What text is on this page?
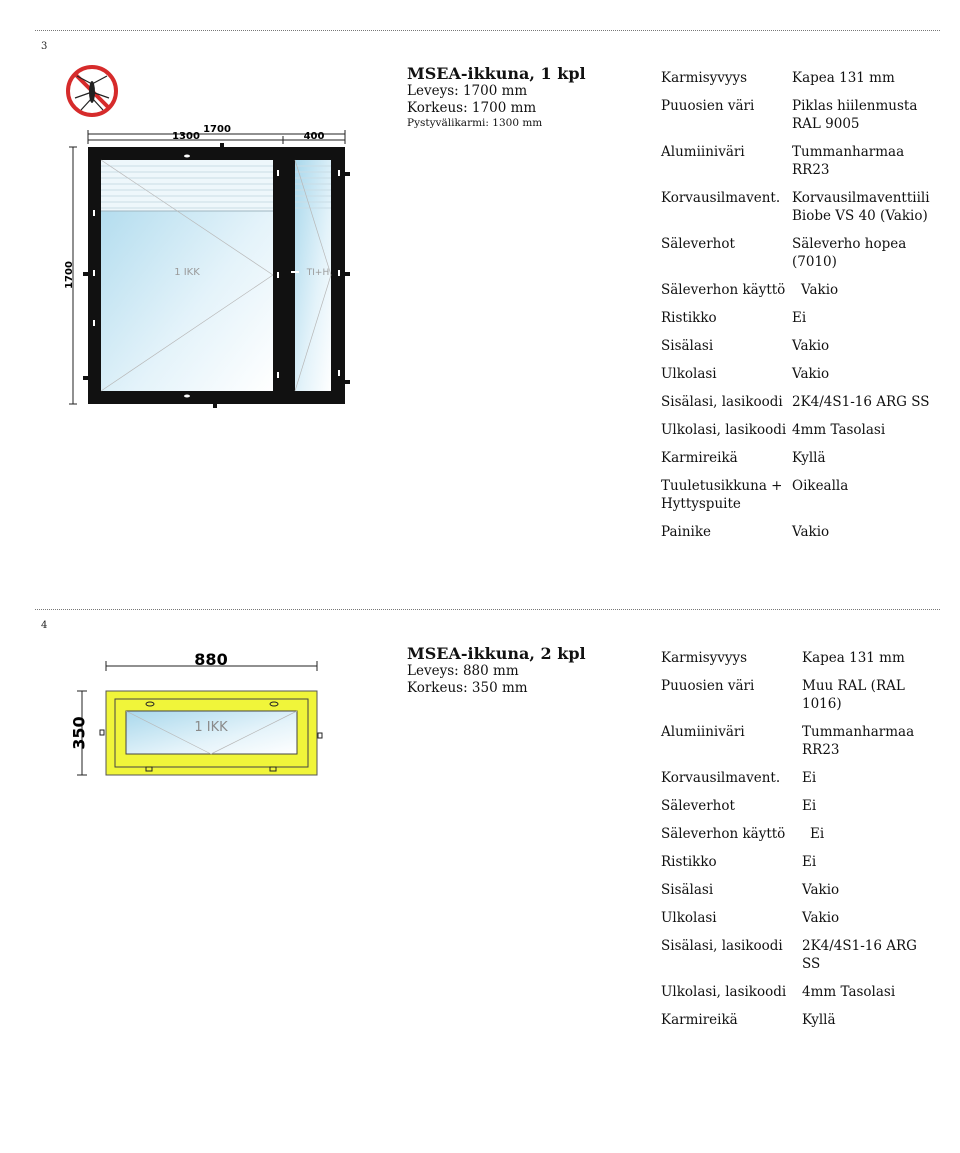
3
1700
1300	400
1700	1 IKK	TI+H
MSEA-ikkuna, 1 kpl
Leveys: 1700 mm
Korkeus: 1700 mm
Pystyvälikarmi: 1300 mm
Karmisyvyys	Kapea 131 mm
Puuosien väri	Piklas hiilenmusta RAL 9005
Alumiiniväri	Tummanharmaa RR23
Korvausilmavent.	Korvausilmaventtiili Biobe VS 40 (Vakio)
Säleverhot	Säleverho hopea (7010)
Säleverhon käyttö	Vakio
Ristikko	Ei
Sisälasi	Vakio
Ulkolasi	Vakio
Sisälasi, lasikoodi	2K4/4S1-16 ARG SS
Ulkolasi, lasikoodi	4mm Tasolasi
Karmireikä	Kyllä
Tuuletusikkuna + Hyttyspuite	Oikealla
Painike	Vakio
4
880
350	1 IKK
MSEA-ikkuna, 2 kpl
Leveys: 880 mm
Korkeus: 350 mm
Karmisyvyys	Kapea 131 mm
Puuosien väri	Muu RAL (RAL 1016)
Alumiiniväri	Tummanharmaa RR23
Korvausilmavent.	Ei
Säleverhot	Ei
Säleverhon käyttö	Ei
Ristikko	Ei
Sisälasi	Vakio
Ulkolasi	Vakio
Sisälasi, lasikoodi	2K4/4S1-16 ARG SS
Ulkolasi, lasikoodi	4mm Tasolasi
Karmireikä	Kyllä
